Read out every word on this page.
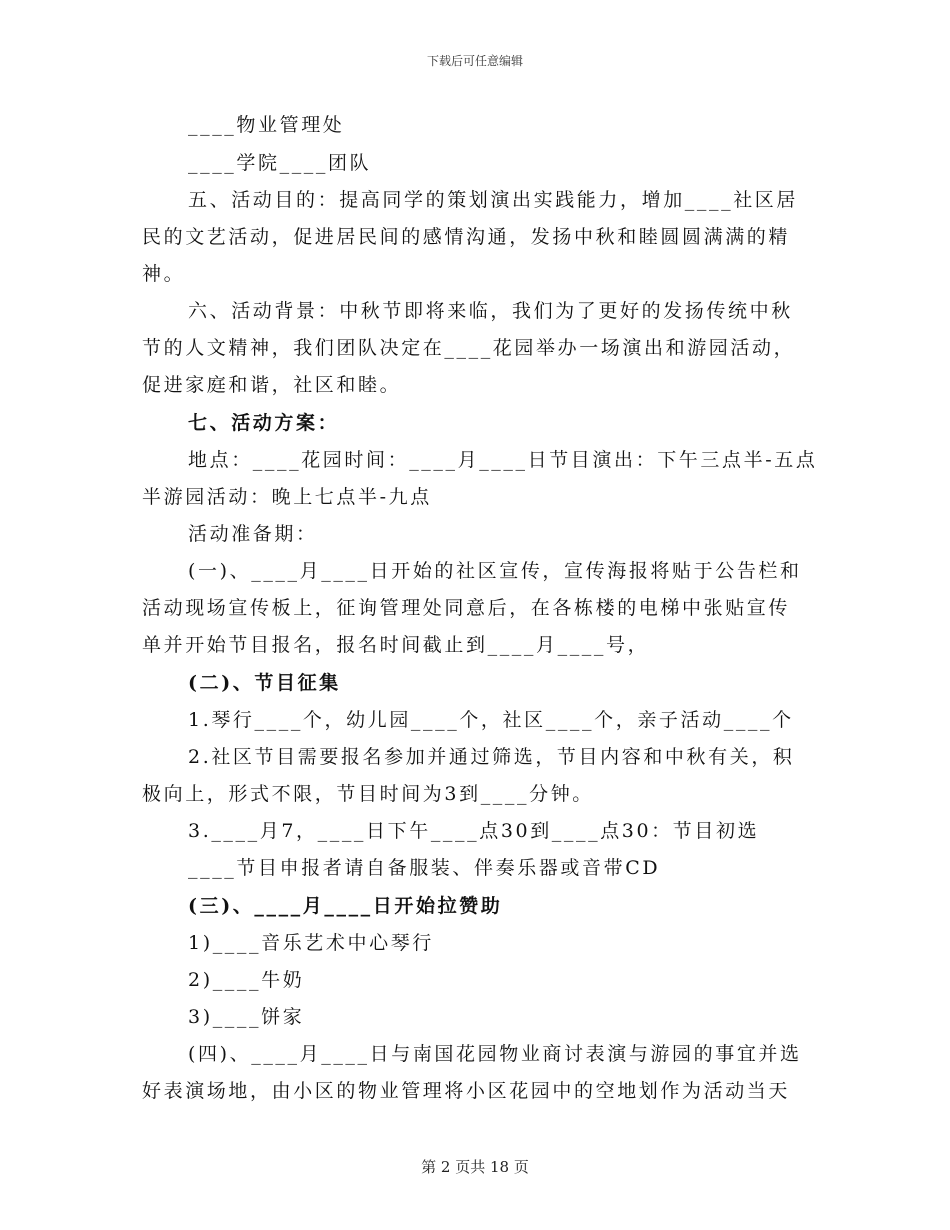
下载后可任意编辑
____物业管理处
____学院____团队
五、活动目的：提高同学的策划演出实践能力，增加____社区居
民的文艺活动，促进居民间的感情沟通，发扬中秋和睦圆圆满满的精
神。
六、活动背景：中秋节即将来临，我们为了更好的发扬传统中秋
节的人文精神，我们团队决定在____花园举办一场演出和游园活动，
促进家庭和谐，社区和睦。
七、活动方案：
地点：____花园时间：____月____日节目演出：下午三点半-五点
半游园活动：晚上七点半-九点
活动准备期：
(一)、____月____日开始的社区宣传，宣传海报将贴于公告栏和
活动现场宣传板上，征询管理处同意后，在各栋楼的电梯中张贴宣传
单并开始节目报名，报名时间截止到____月____号，
(二)、节目征集
1.琴行____个，幼儿园____个，社区____个，亲子活动____个
2.社区节目需要报名参加并通过筛选，节目内容和中秋有关，积
极向上，形式不限，节目时间为3到____分钟。
3.____月7，____日下午____点30到____点30：节目初选
____节目申报者请自备服装、伴奏乐器或音带CD
(三)、____月____日开始拉赞助
1)____音乐艺术中心琴行
2)____牛奶
3)____饼家
(四)、____月____日与南国花园物业商讨表演与游园的事宜并选
好表演场地，由小区的物业管理将小区花园中的空地划作为活动当天
第 2 页共 18 页
